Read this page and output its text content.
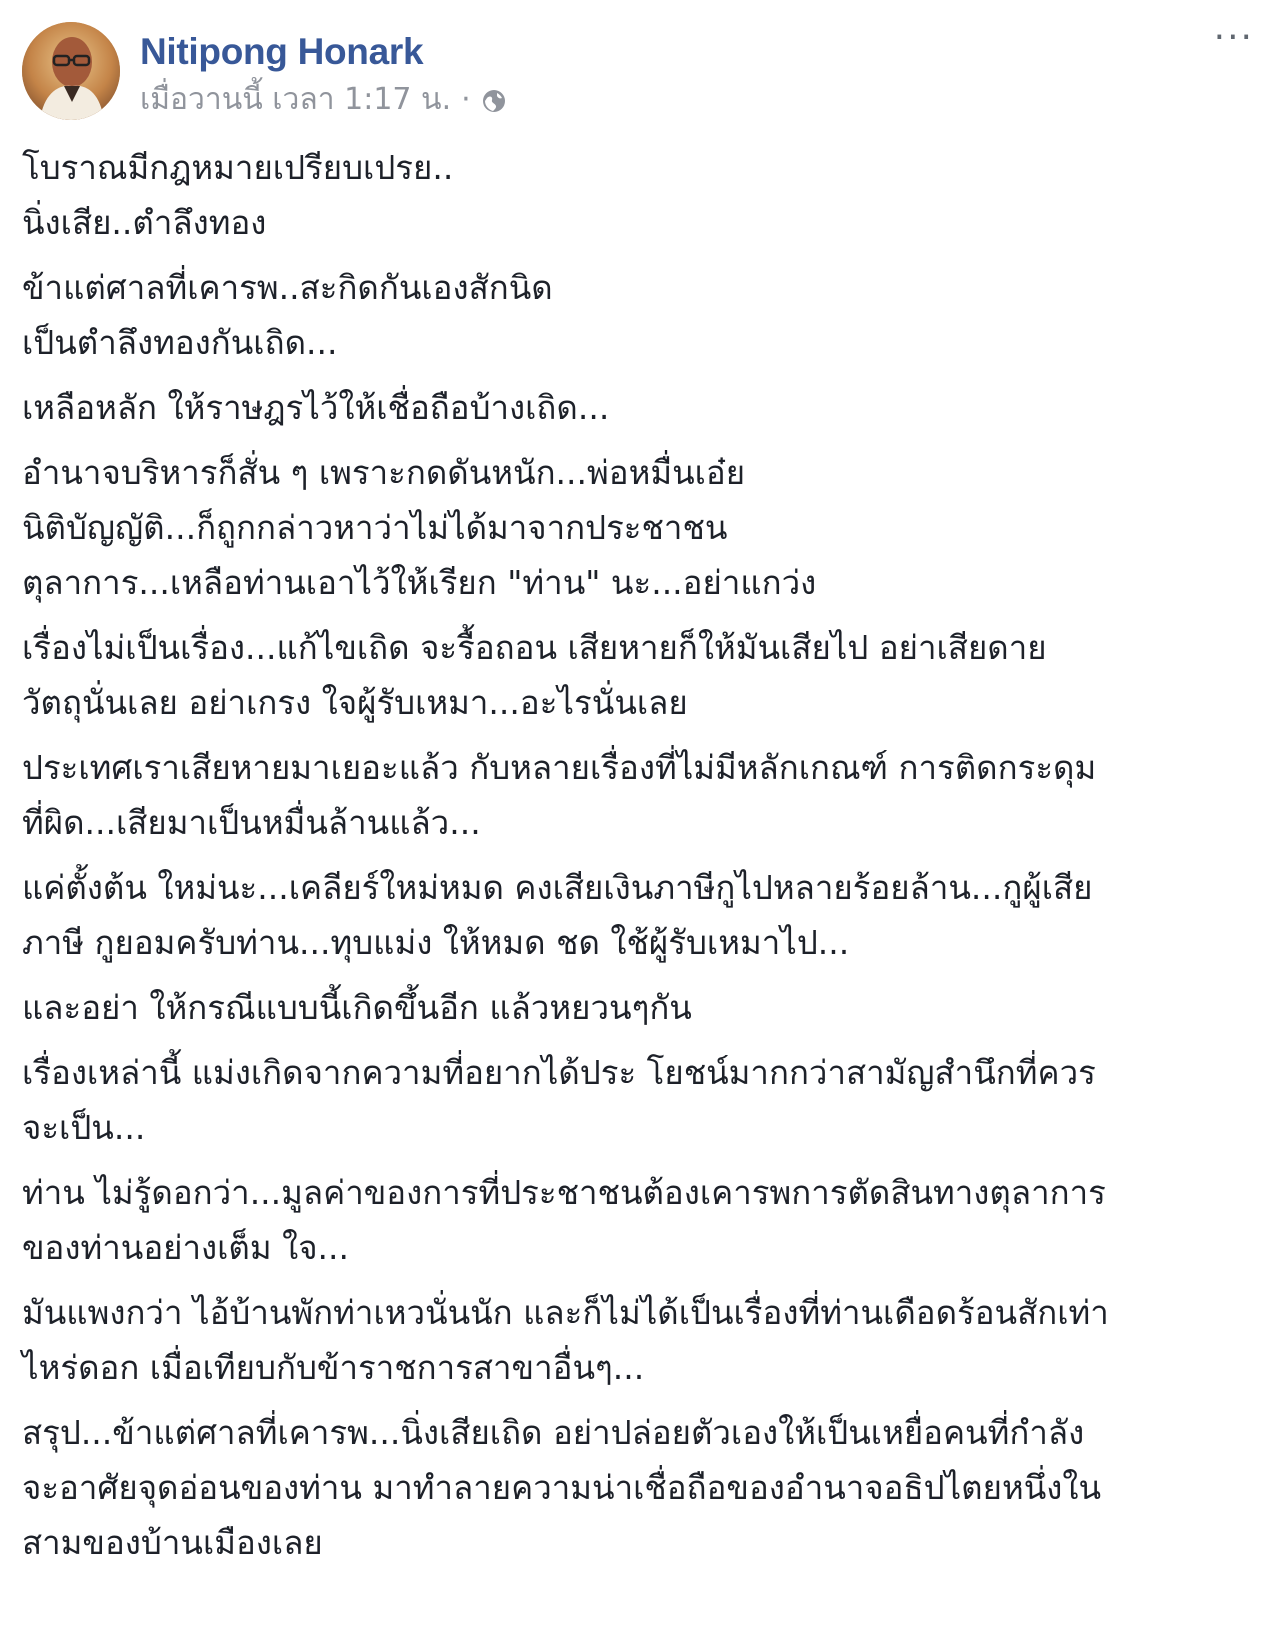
Nitipong Honark
เมื่อวานนี้ เวลา 1:17 น. ·
···

โบราณมีกฎหมายเปรียบเปรย..
นิ่งเสีย..ตำลึงทอง

ข้าแต่ศาลที่เคารพ..สะกิดกันเองสักนิด
เป็นตำลึงทองกันเถิด...

เหลือหลัก ให้ราษฎรไว้ให้เชื่อถือบ้างเถิด...

อำนาจบริหารก็สั่น ๆ เพราะกดดันหนัก...พ่อหมื่นเอ๋ย
นิติบัญญัติ...ก็ถูกกล่าวหาว่าไม่ได้มาจากประชาชน
ตุลาการ...เหลือท่านเอาไว้ให้เรียก "ท่าน" นะ...อย่าแกว่ง

เรื่องไม่เป็นเรื่อง...แก้ไขเถิด จะรื้อถอน เสียหายก็ให้มันเสียไป อย่าเสียดาย
วัตถุนั่นเลย อย่าเกรง ใจผู้รับเหมา...อะไรนั่นเลย

ประเทศเราเสียหายมาเยอะแล้ว กับหลายเรื่องที่ไม่มีหลักเกณฑ์ การติดกระดุม
ที่ผิด...เสียมาเป็นหมื่นล้านแล้ว...

แค่ตั้งต้น ใหม่นะ...เคลียร์ใหม่หมด คงเสียเงินภาษีกูไปหลายร้อยล้าน...กูผู้เสีย
ภาษี กูยอมครับท่าน...ทุบแม่ง ให้หมด ชด ใช้ผู้รับเหมาไป...

และอย่า ให้กรณีแบบนี้เกิดขึ้นอีก แล้วหยวนๆกัน

เรื่องเหล่านี้ แม่งเกิดจากความที่อยากได้ประ โยชน์มากกว่าสามัญสำนึกที่ควร
จะเป็น...

ท่าน ไม่รู้ดอกว่า...มูลค่าของการที่ประชาชนต้องเคารพการตัดสินทางตุลาการ
ของท่านอย่างเต็ม ใจ...

มันแพงกว่า ไอ้บ้านพักท่าเหวนั่นนัก และก็ไม่ได้เป็นเรื่องที่ท่านเดือดร้อนสักเท่า
ไหร่ดอก เมื่อเทียบกับข้าราชการสาขาอื่นๆ...

สรุป...ข้าแต่ศาลที่เคารพ...นิ่งเสียเถิด อย่าปล่อยตัวเองให้เป็นเหยื่อคนที่กำลัง
จะอาศัยจุดอ่อนของท่าน มาทำลายความน่าเชื่อถือของอำนาจอธิปไตยหนึ่งใน
สามของบ้านเมืองเลย
